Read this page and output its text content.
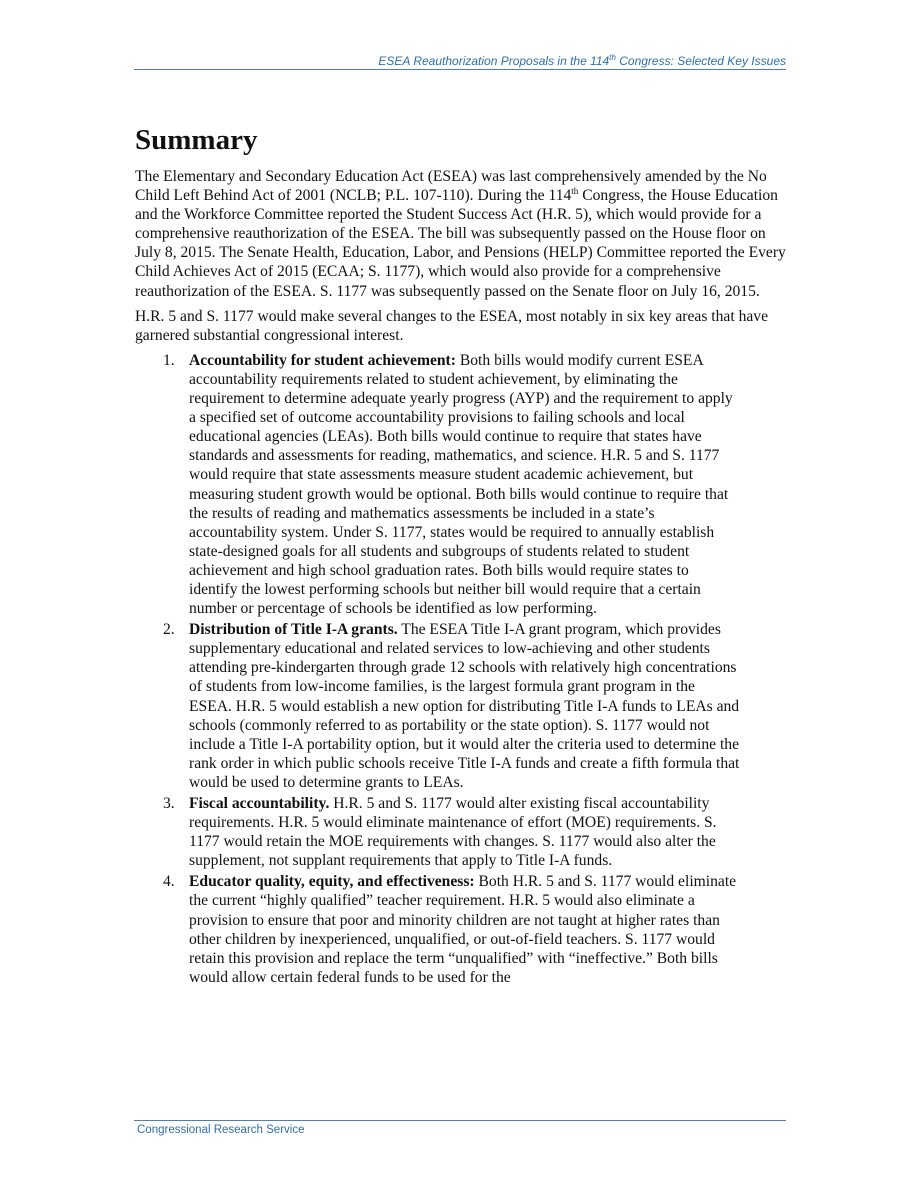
ESEA Reauthorization Proposals in the 114th Congress: Selected Key Issues
Summary

The Elementary and Secondary Education Act (ESEA) was last comprehensively amended by the No Child Left Behind Act of 2001 (NCLB; P.L. 107-110). During the 114th Congress, the House Education and the Workforce Committee reported the Student Success Act (H.R. 5), which would provide for a comprehensive reauthorization of the ESEA. The bill was subsequently passed on the House floor on July 8, 2015. The Senate Health, Education, Labor, and Pensions (HELP) Committee reported the Every Child Achieves Act of 2015 (ECAA; S. 1177), which would also provide for a comprehensive reauthorization of the ESEA. S. 1177 was subsequently passed on the Senate floor on July 16, 2015.

H.R. 5 and S. 1177 would make several changes to the ESEA, most notably in six key areas that have garnered substantial congressional interest.

1. Accountability for student achievement: Both bills would modify current ESEA accountability requirements related to student achievement, by eliminating the requirement to determine adequate yearly progress (AYP) and the requirement to apply a specified set of outcome accountability provisions to failing schools and local educational agencies (LEAs). Both bills would continue to require that states have standards and assessments for reading, mathematics, and science. H.R. 5 and S. 1177 would require that state assessments measure student academic achievement, but measuring student growth would be optional. Both bills would continue to require that the results of reading and mathematics assessments be included in a state’s accountability system. Under S. 1177, states would be required to annually establish state-designed goals for all students and subgroups of students related to student achievement and high school graduation rates. Both bills would require states to identify the lowest performing schools but neither bill would require that a certain number or percentage of schools be identified as low performing.
2. Distribution of Title I-A grants. The ESEA Title I-A grant program, which provides supplementary educational and related services to low-achieving and other students attending pre-kindergarten through grade 12 schools with relatively high concentrations of students from low-income families, is the largest formula grant program in the ESEA. H.R. 5 would establish a new option for distributing Title I-A funds to LEAs and schools (commonly referred to as portability or the state option). S. 1177 would not include a Title I-A portability option, but it would alter the criteria used to determine the rank order in which public schools receive Title I-A funds and create a fifth formula that would be used to determine grants to LEAs.
3. Fiscal accountability. H.R. 5 and S. 1177 would alter existing fiscal accountability requirements. H.R. 5 would eliminate maintenance of effort (MOE) requirements. S. 1177 would retain the MOE requirements with changes. S. 1177 would also alter the supplement, not supplant requirements that apply to Title I-A funds.
4. Educator quality, equity, and effectiveness: Both H.R. 5 and S. 1177 would eliminate the current “highly qualified” teacher requirement. H.R. 5 would also eliminate a provision to ensure that poor and minority children are not taught at higher rates than other children by inexperienced, unqualified, or out-of-field teachers. S. 1177 would retain this provision and replace the term “unqualified” with “ineffective.” Both bills would allow certain federal funds to be used for the
Congressional Research Service
